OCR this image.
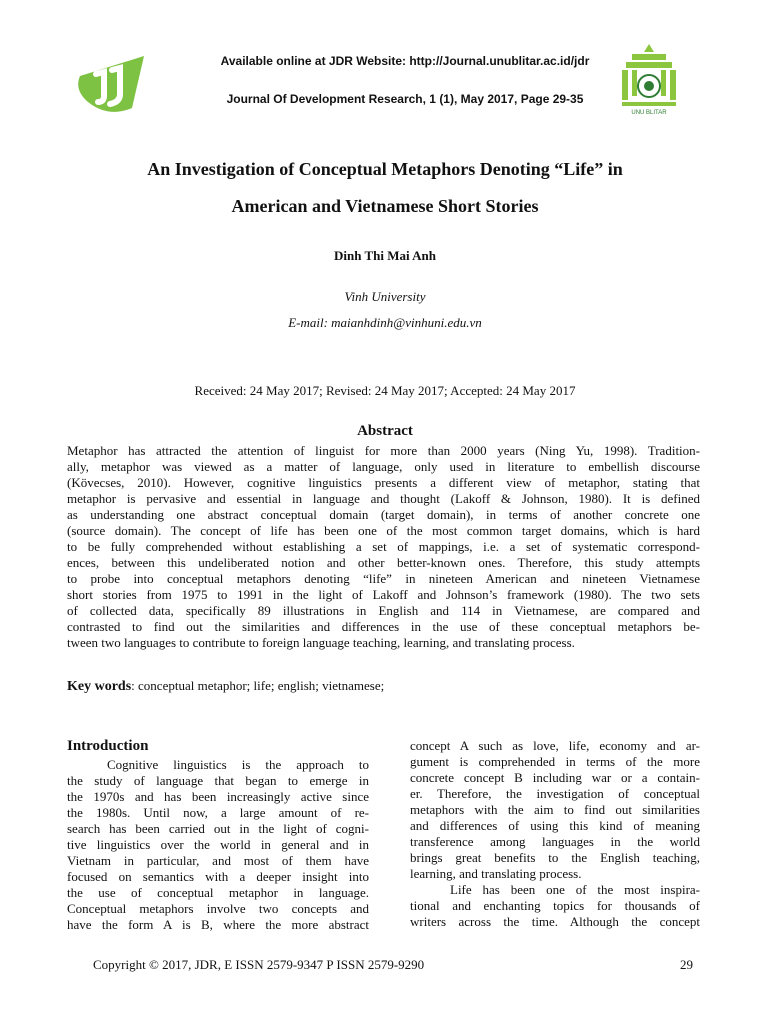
UNU BLITAR
Available online at JDR Website: http://Journal.unublitar.ac.id/jdr
Journal Of Development Research, 1 (1), May 2017, Page 29-35
An Investigation of Conceptual Metaphors Denoting “Life” in
American and Vietnamese Short Stories
Dinh Thi Mai Anh
Vinh University
E-mail: maianhdinh@vinhuni.edu.vn
Received: 24 May 2017; Revised: 24 May 2017; Accepted: 24 May 2017
Abstract
Metaphor has attracted the attention of linguist for more than 2000 years (Ning Yu, 1998). Tradition-
ally, metaphor was viewed as a matter of language, only used in literature to embellish discourse
(Kövecses, 2010). However, cognitive linguistics presents a different view of metaphor, stating that
metaphor is pervasive and essential in language and thought (Lakoff & Johnson, 1980). It is defined
as understanding one abstract conceptual domain (target domain), in terms of another concrete one
(source domain). The concept of life has been one of the most common target domains, which is hard
to be fully comprehended without establishing a set of mappings, i.e. a set of systematic correspond-
ences, between this undeliberated notion and other better-known ones. Therefore, this study attempts
to probe into conceptual metaphors denoting “life” in nineteen American and nineteen Vietnamese
short stories from 1975 to 1991 in the light of Lakoff and Johnson’s framework (1980). The two sets
of collected data, specifically 89 illustrations in English and 114 in Vietnamese, are compared and
contrasted to find out the similarities and differences in the use of these conceptual metaphors be-
tween two languages to contribute to foreign language teaching, learning, and translating process.
Key words: conceptual metaphor; life; english; vietnamese;
Introduction
Cognitive linguistics is the approach to
the study of language that began to emerge in
the 1970s and has been increasingly active since
the 1980s. Until now, a large amount of re-
search has been carried out in the light of cogni-
tive linguistics over the world in general and in
Vietnam in particular, and most of them have
focused on semantics with a deeper insight into
the use of conceptual metaphor in language.
Conceptual metaphors involve two concepts and
have the form A is B, where the more abstract
concept A such as love, life, economy and ar-
gument is comprehended in terms of the more
concrete concept B including war or a contain-
er. Therefore, the investigation of conceptual
metaphors with the aim to find out similarities
and differences of using this kind of meaning
transference among languages in the world
brings great benefits to the English teaching,
learning, and translating process.
Life has been one of the most inspira-
tional and enchanting topics for thousands of
writers across the time. Although the concept
Copyright © 2017, JDR, E ISSN 2579-9347 P ISSN 2579-9290	29
